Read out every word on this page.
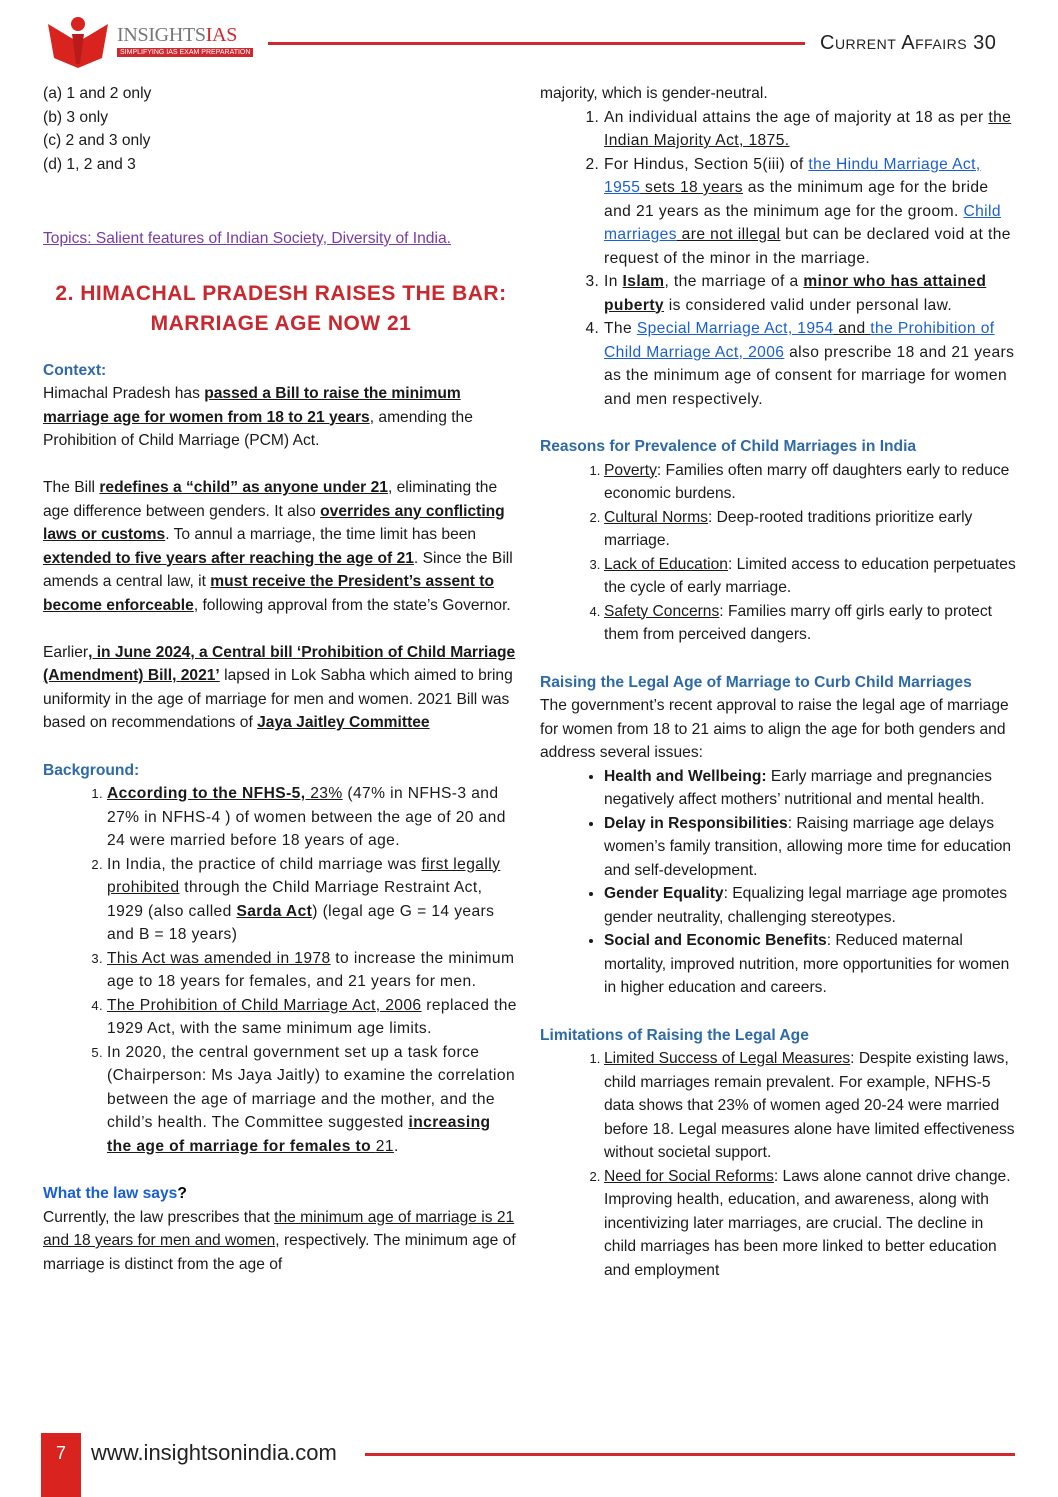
INSIGHTSIAS
SIMPLIFYING IAS EXAM PREPARATION	Current Affairs 30
(a) 1 and 2 only
(b) 3 only
(c) 2 and 3 only
(d) 1, 2 and 3
Topics: Salient features of Indian Society, Diversity of India.
2. HIMACHAL PRADESH RAISES THE BAR:
MARRIAGE AGE NOW 21
Context:

Himachal Pradesh has passed a Bill to raise the minimum marriage age for women from 18 to 21 years, amending the Prohibition of Child Marriage (PCM) Act.

The Bill redefines a “child” as anyone under 21, eliminating the age difference between genders. It also overrides any conflicting laws or customs. To annul a marriage, the time limit has been extended to five years after reaching the age of 21. Since the Bill amends a central law, it must receive the President’s assent to become enforceable, following approval from the state’s Governor.

Earlier, in June 2024, a Central bill ‘Prohibition of Child Marriage (Amendment) Bill, 2021’ lapsed in Lok Sabha which aimed to bring uniformity in the age of marriage for men and women. 2021 Bill was based on recommendations of Jaya Jaitley Committee

Background:
1. According to the NFHS-5, 23% (47% in NFHS-3 and 27% in NFHS-4 ) of women between the age of 20 and 24 were married before 18 years of age.
2. In India, the practice of child marriage was first legally prohibited through the Child Marriage Restraint Act, 1929 (also called Sarda Act) (legal age G = 14 years and B = 18 years)
3. This Act was amended in 1978 to increase the minimum age to 18 years for females, and 21 years for men.
4. The Prohibition of Child Marriage Act, 2006 replaced the 1929 Act, with the same minimum age limits.
5. In 2020, the central government set up a task force (Chairperson: Ms Jaya Jaitly) to examine the correlation between the age of marriage and the mother, and the child’s health. The Committee suggested increasing the age of marriage for females to 21.
What the law says?

Currently, the law prescribes that the minimum age of marriage is 21 and 18 years for men and women, respectively. The minimum age of marriage is distinct from the age of

majority, which is gender-neutral.

1. An individual attains the age of majority at 18 as per the Indian Majority Act, 1875.
2. For Hindus, Section 5(iii) of the Hindu Marriage Act, 1955 sets 18 years as the minimum age for the bride and 21 years as the minimum age for the groom. Child marriages are not illegal but can be declared void at the request of the minor in the marriage.
3. In Islam, the marriage of a minor who has attained puberty is considered valid under personal law.
4. The Special Marriage Act, 1954 and the Prohibition of Child Marriage Act, 2006 also prescribe 18 and 21 years as the minimum age of consent for marriage for women and men respectively.
Reasons for Prevalence of Child Marriages in India
1. Poverty: Families often marry off daughters early to reduce economic burdens.
2. Cultural Norms: Deep-rooted traditions prioritize early marriage.
3. Lack of Education: Limited access to education perpetuates the cycle of early marriage.
4. Safety Concerns: Families marry off girls early to protect them from perceived dangers.
Raising the Legal Age of Marriage to Curb Child Marriages

The government’s recent approval to raise the legal age of marriage for women from 18 to 21 aims to align the age for both genders and address several issues:

• Health and Wellbeing: Early marriage and pregnancies negatively affect mothers’ nutritional and mental health.
• Delay in Responsibilities: Raising marriage age delays women’s family transition, allowing more time for education and self-development.
• Gender Equality: Equalizing legal marriage age promotes gender neutrality, challenging stereotypes.
• Social and Economic Benefits: Reduced maternal mortality, improved nutrition, more opportunities for women in higher education and careers.
Limitations of Raising the Legal Age
1. Limited Success of Legal Measures: Despite existing laws, child marriages remain prevalent. For example, NFHS-5 data shows that 23% of women aged 20-24 were married before 18. Legal measures alone have limited effectiveness without societal support.
2. Need for Social Reforms: Laws alone cannot drive change. Improving health, education, and awareness, along with incentivizing later marriages, are crucial. The decline in child marriages has been more linked to better education and employment
7	www.insightsonindia.com
